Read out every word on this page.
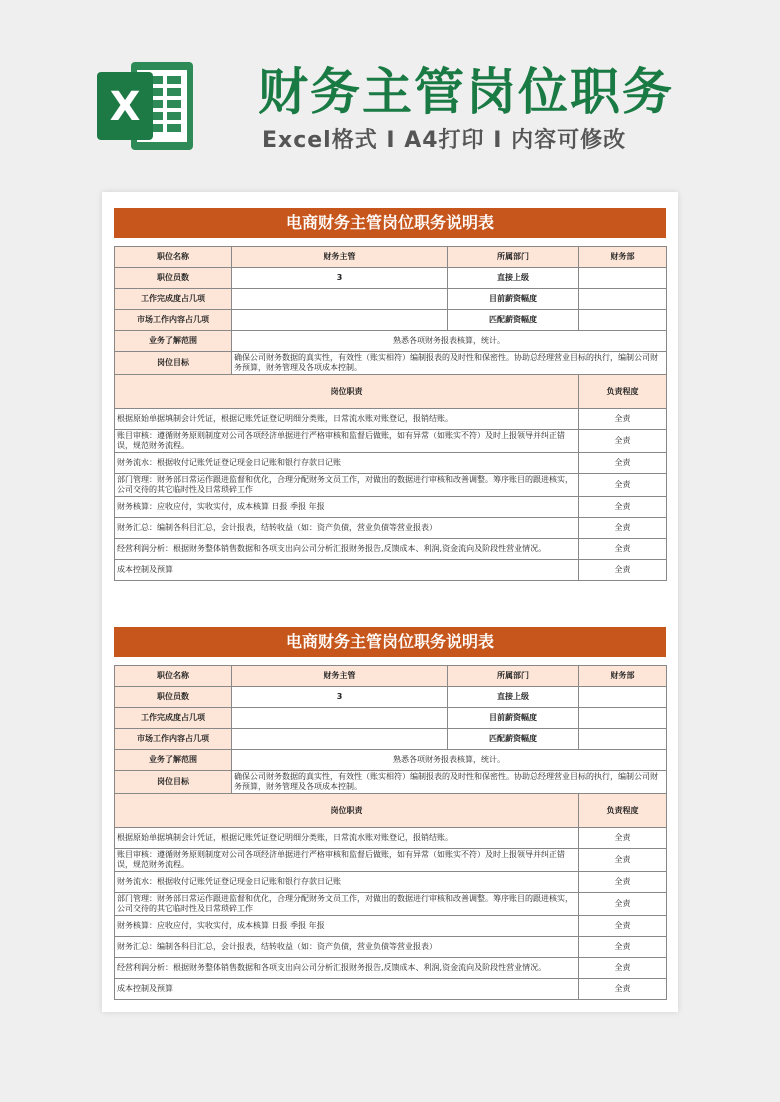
X 财务主管岗位职务
Excel格式 I A4打印 I 内容可修改
电商财务主管岗位职务说明表
职位名称	财务主管	所属部门	财务部
职位员数	3	直接上级	
工作完成度占几项		目前薪资幅度	
市场工作内容占几项		匹配薪资幅度	
业务了解范围	熟悉各项财务报表核算，统计。		
岗位目标	确保公司财务数据的真实性，有效性（账实相符）编制报表的及时性和保密性。协助总经理营业目标的执行，编制公司财务预算，财务管理及各项成本控制。		
岗位职责			负责程度
根据原始单据填制会计凭证，根据记账凭证登记明细分类账，日常流水账对账登记，报销结账。			全责
账目审核：遵循财务原则制度对公司各项经济单据进行严格审核和监督后做账，如有异常（如账实不符）及时上报领导并纠正错误，规范财务流程。			全责
财务流水：根据收付记账凭证登记现金日记账和银行存款日记账			全责
部门管理：财务部日常运作跟进监督和优化，合理分配财务文员工作，对做出的数据进行审核和改善调整。筹序账目的跟进核实，公司交待的其它临时性及日常琐碎工作			全责
财务核算：应收应付，实收实付，成本核算 日报 季报 年报			全责
财务汇总：编制各科目汇总，会计报表，结转收益（如：资产负债，营业负债等营业报表）			全责
经营利润分析：根据财务整体销售数据和各项支出向公司分析汇报财务报告,反馈成本、利润,资金流向及阶段性营业情况。			全责
成本控制及预算			全责
电商财务主管岗位职务说明表
职位名称	财务主管	所属部门	财务部
职位员数	3	直接上级	
工作完成度占几项		目前薪资幅度	
市场工作内容占几项		匹配薪资幅度	
业务了解范围	熟悉各项财务报表核算，统计。		
岗位目标	确保公司财务数据的真实性，有效性（账实相符）编制报表的及时性和保密性。协助总经理营业目标的执行，编制公司财务预算，财务管理及各项成本控制。		
岗位职责			负责程度
根据原始单据填制会计凭证，根据记账凭证登记明细分类账，日常流水账对账登记，报销结账。			全责
账目审核：遵循财务原则制度对公司各项经济单据进行严格审核和监督后做账，如有异常（如账实不符）及时上报领导并纠正错误，规范财务流程。			全责
财务流水：根据收付记账凭证登记现金日记账和银行存款日记账			全责
部门管理：财务部日常运作跟进监督和优化，合理分配财务文员工作，对做出的数据进行审核和改善调整。筹序账目的跟进核实，公司交待的其它临时性及日常琐碎工作			全责
财务核算：应收应付，实收实付，成本核算 日报 季报 年报			全责
财务汇总：编制各科目汇总，会计报表，结转收益（如：资产负债，营业负债等营业报表）			全责
经营利润分析：根据财务整体销售数据和各项支出向公司分析汇报财务报告,反馈成本、利润,资金流向及阶段性营业情况。			全责
成本控制及预算			全责
